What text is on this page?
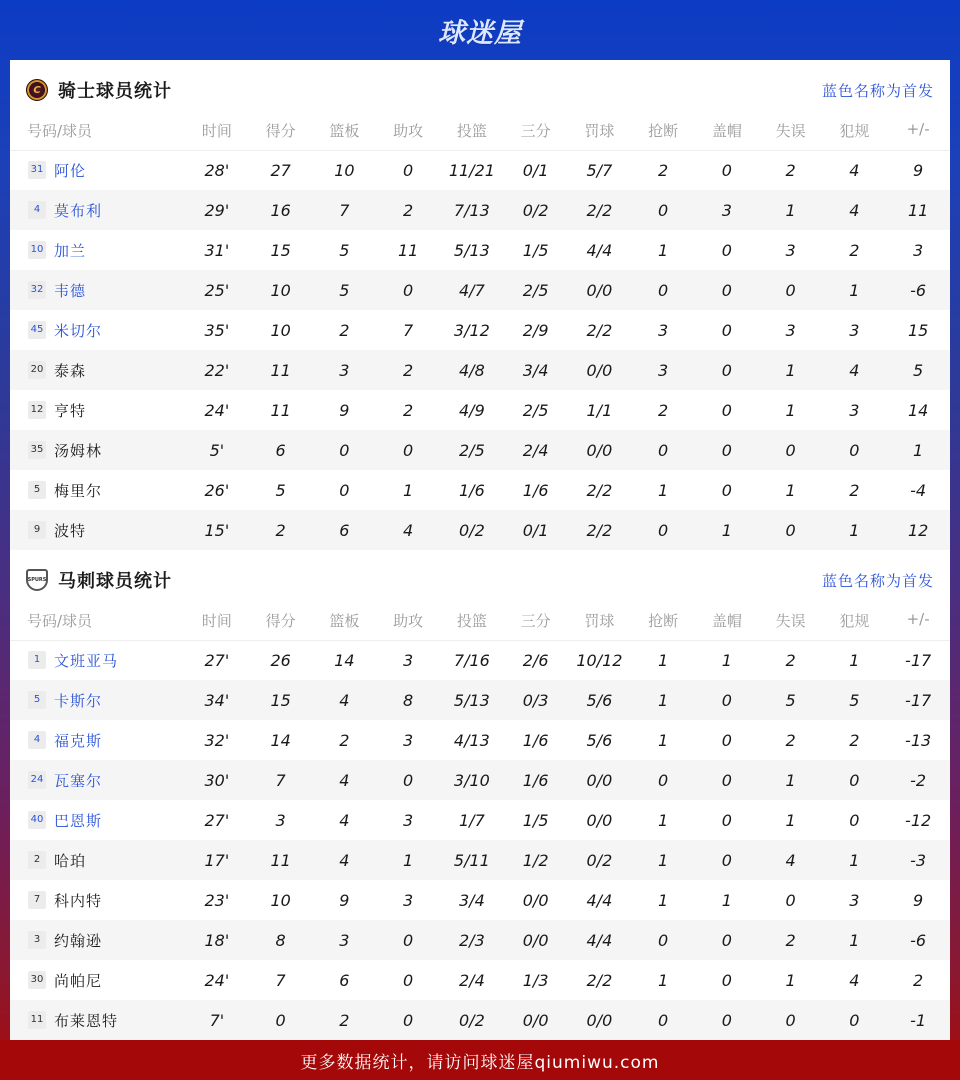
球迷屋
C 骑士球员统计	蓝色名称为首发
号码/球员	时间	得分	篮板	助攻	投篮	三分	罚球	抢断	盖帽	失误	犯规	+/-
31 阿伦	28'	27	10	0	11/21	0/1	5/7	2	0	2	4	9
4 莫布利	29'	16	7	2	7/13	0/2	2/2	0	3	1	4	11
10 加兰	31'	15	5	11	5/13	1/5	4/4	1	0	3	2	3
32 韦德	25'	10	5	0	4/7	2/5	0/0	0	0	0	1	-6
45 米切尔	35'	10	2	7	3/12	2/9	2/2	3	0	3	3	15
20 泰森	22'	11	3	2	4/8	3/4	0/0	3	0	1	4	5
12 亨特	24'	11	9	2	4/9	2/5	1/1	2	0	1	3	14
35 汤姆林	5'	6	0	0	2/5	2/4	0/0	0	0	0	0	1
5 梅里尔	26'	5	0	1	1/6	1/6	2/2	1	0	1	2	-4
9 波特	15'	2	6	4	0/2	0/1	2/2	0	1	0	1	12
SPURS 马刺球员统计	蓝色名称为首发
号码/球员	时间	得分	篮板	助攻	投篮	三分	罚球	抢断	盖帽	失误	犯规	+/-
1 文班亚马	27'	26	14	3	7/16	2/6	10/12	1	1	2	1	-17
5 卡斯尔	34'	15	4	8	5/13	0/3	5/6	1	0	5	5	-17
4 福克斯	32'	14	2	3	4/13	1/6	5/6	1	0	2	2	-13
24 瓦塞尔	30'	7	4	0	3/10	1/6	0/0	0	0	1	0	-2
40 巴恩斯	27'	3	4	3	1/7	1/5	0/0	1	0	1	0	-12
2 哈珀	17'	11	4	1	5/11	1/2	0/2	1	0	4	1	-3
7 科内特	23'	10	9	3	3/4	0/0	4/4	1	1	0	3	9
3 约翰逊	18'	8	3	0	2/3	0/0	4/4	0	0	2	1	-6
30 尚帕尼	24'	7	6	0	2/4	1/3	2/2	1	0	1	4	2
11 布莱恩特	7'	0	2	0	0/2	0/0	0/0	0	0	0	0	-1
更多数据统计，请访问球迷屋qiumiwu.com
